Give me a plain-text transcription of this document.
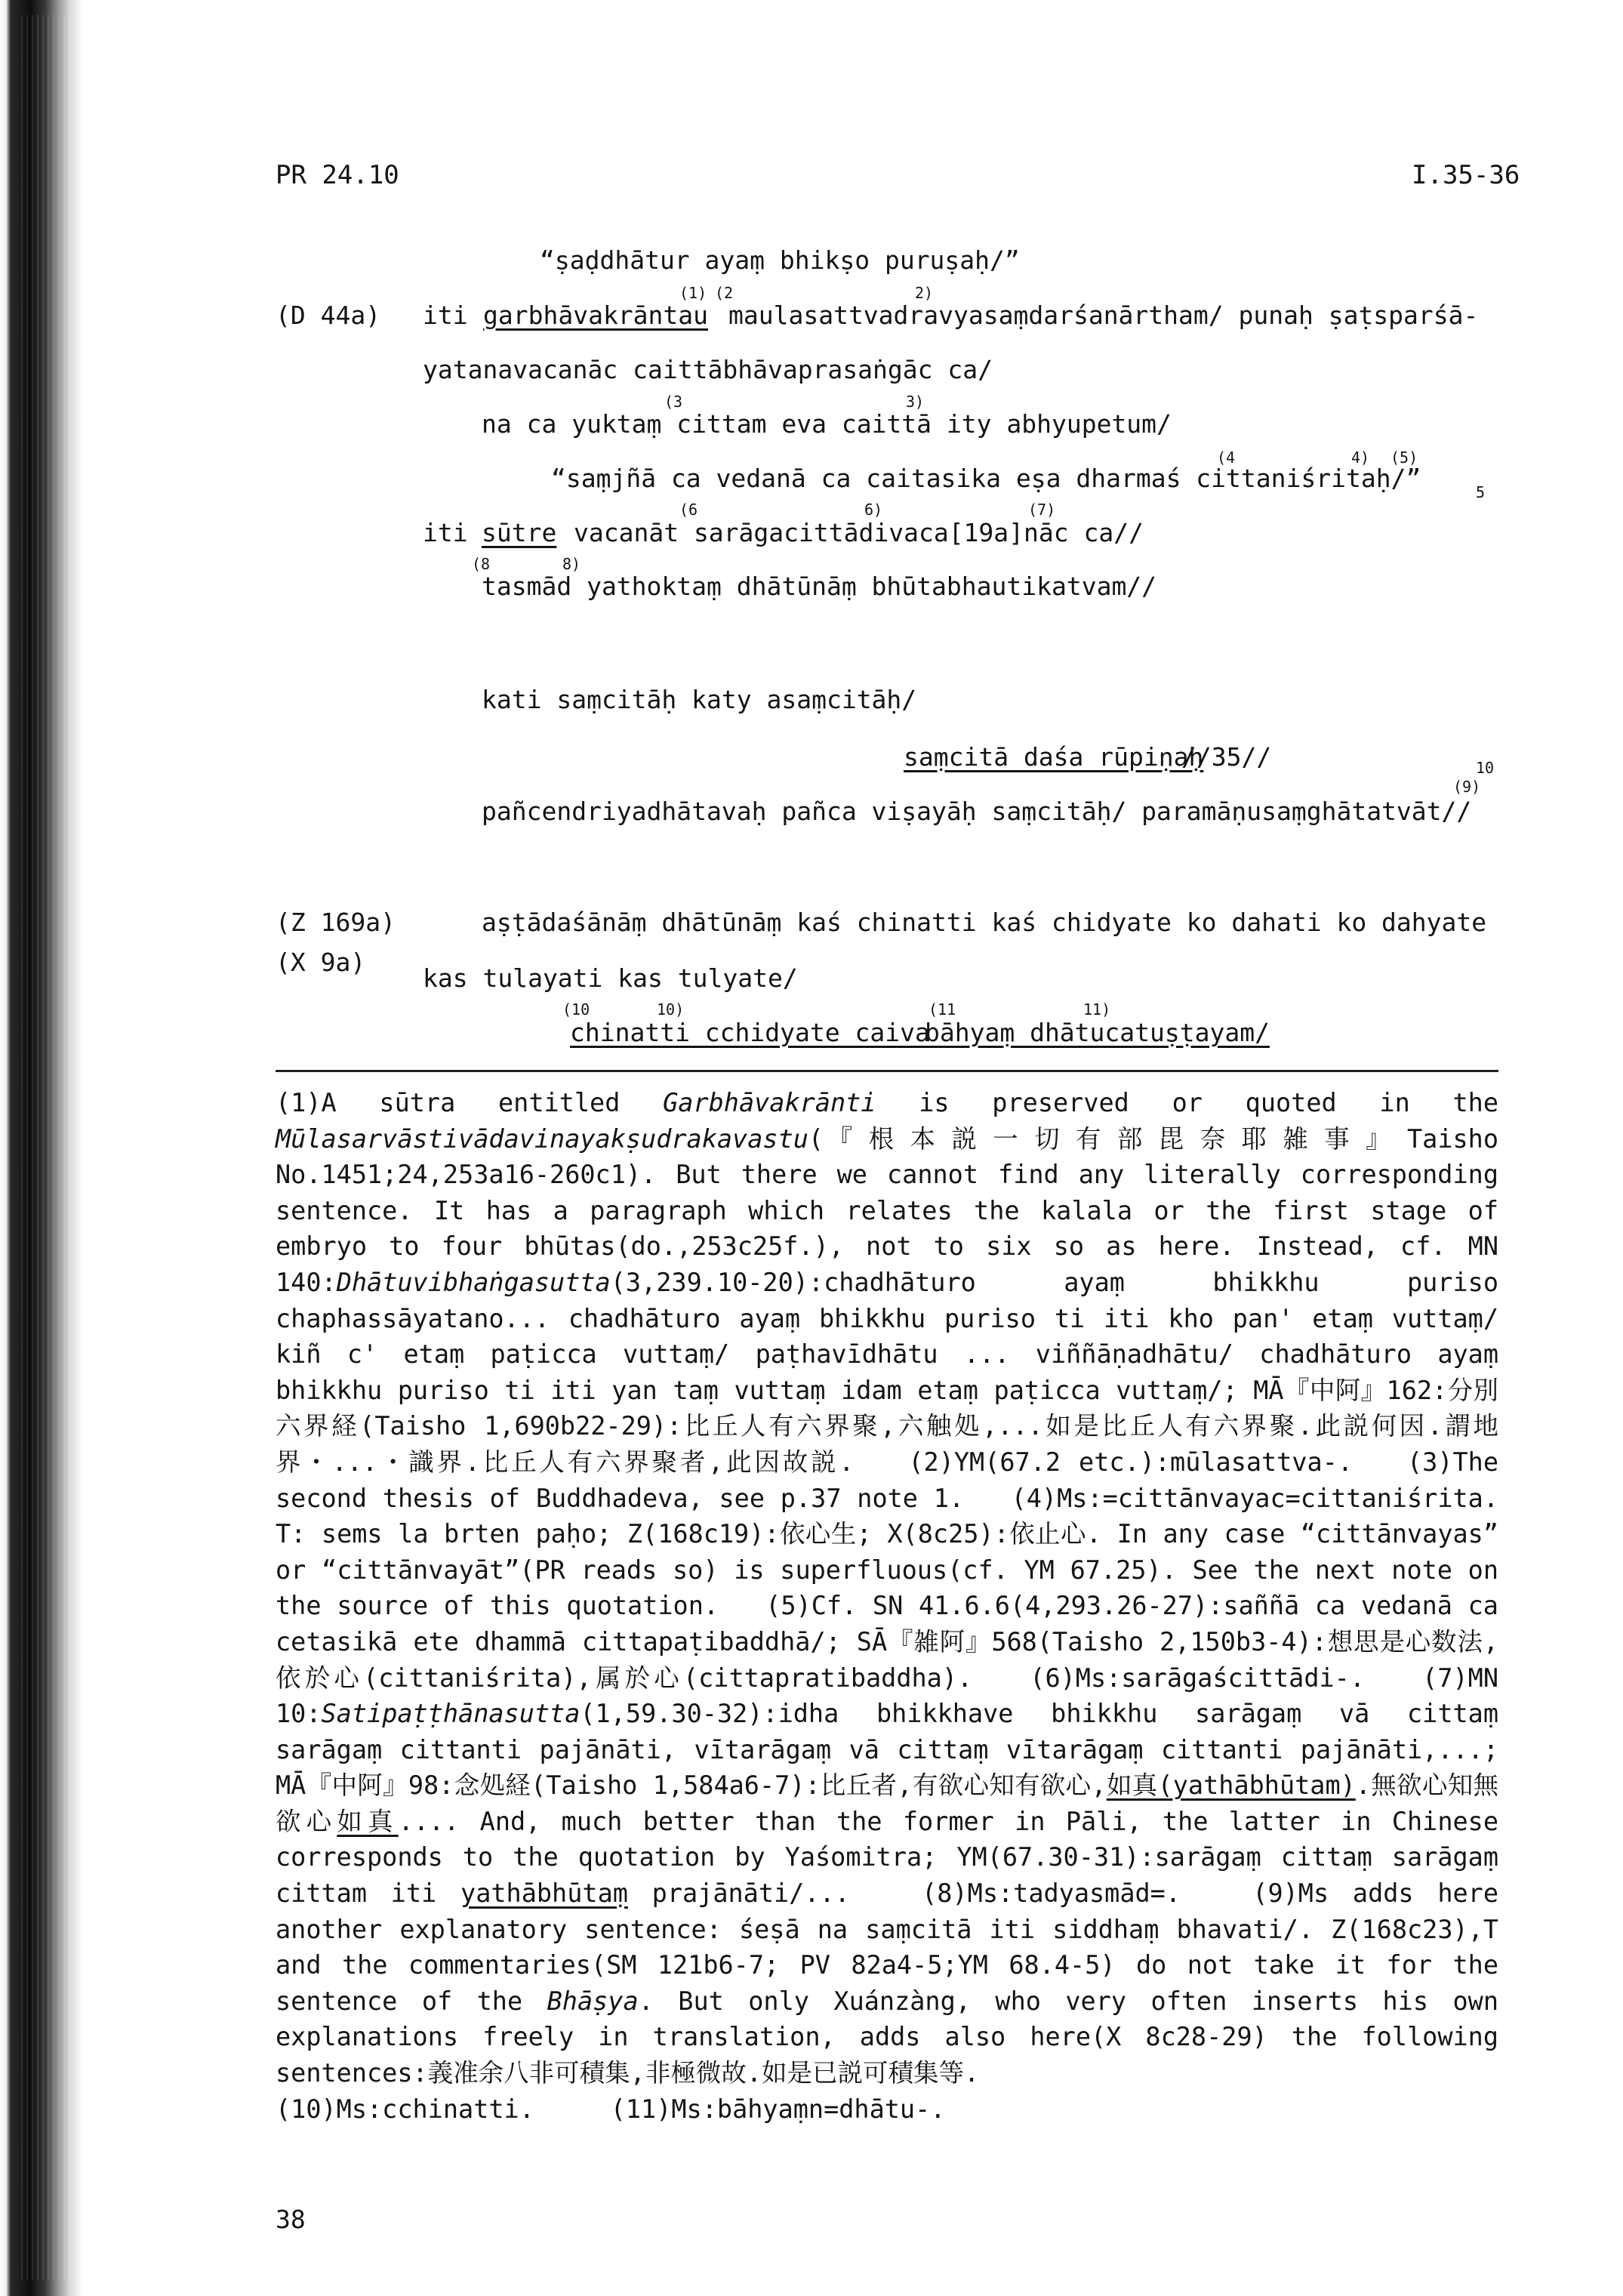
PR 24.10	I.35-36
“ṣaḍdhātur ayaṃ bhikṣo puruṣaḥ/”
(1) (2	2)
(D 44a) iti garbhāvakrāntau maulasattvadravyasaṃdarśanārtham/ punaḥ ṣaṭsparśā-
yatanavacanāc caittābhāvaprasaṅgāc ca/
(3	3)
na ca yuktaṃ cittam eva caittā ity abhyupetum/
(4	4) (5)
“saṃjñā ca vedanā ca caitasika eṣa dharmaś cittaniśritaḥ/”	5
(6	6)	(7)
iti sūtre vacanāt sarāgacittādivaca[19a]nāc ca//
(8	8)
tasmād yathoktaṃ dhātūnāṃ bhūtabhautikatvam//
kati saṃcitāḥ katy asaṃcitāḥ/
saṃcitā daśa rūpiṇaḥ
//35//	10
(9)
pañcendriyadhātavaḥ pañca viṣayāḥ saṃcitāḥ/ paramāṇusaṃghātatvāt//
(Z 169a)	aṣṭādaśānāṃ dhātūnāṃ kaś chinatti kaś chidyate ko dahati ko dahyate
(X 9a)
kas tulayati kas tulyate/
(10	10)	(11	11)
chinatti cchidyate caiva
bāhyaṃ dhātucatuṣṭayam/
(1)A sūtra entitled Garbhāvakrānti is preserved or quoted in the Mūlasarvāstivādavinayakṣudrakavastu(『根本説一切有部毘奈耶雑事』Taisho No.1451;24,253a16-260c1). But there we cannot find any literally corresponding sentence. It has a paragraph which relates the kalala or the first stage of embryo to four bhūtas(do.,253c25f.), not to six so as here. Instead, cf. MN 140:Dhātuvibhaṅgasutta(3,239.10-20):chadhāturo ayaṃ bhikkhu puriso chaphassāyatano... chadhāturo ayaṃ bhikkhu puriso ti iti kho pan' etaṃ vuttaṃ/ kiñ c' etaṃ paṭicca vuttaṃ/ paṭhavīdhātu ... viññāṇadhātu/ chadhāturo ayaṃ bhikkhu puriso ti iti yan taṃ vuttaṃ idam etaṃ paṭicca vuttaṃ/; MĀ『中阿』162:分別六界経(Taisho 1,690b22-29):比丘人有六界聚,六触処,...如是比丘人有六界聚.此説何因.謂地界・...・識界.比丘人有六界聚者,此因故説. (2)YM(67.2 etc.):mūlasattva-. (3)The second thesis of Buddhadeva, see p.37 note 1. (4)Ms:=cittānvayac=cittaniśrita. T: sems la brten paḥo; Z(168c19):依心生; X(8c25):依止心. In any case “cittānvayas” or “cittānvayāt”(PR reads so) is superfluous(cf. YM 67.25). See the next note on the source of this quotation. (5)Cf. SN 41.6.6(4,293.26-27):saññā ca vedanā ca cetasikā ete dhammā cittapaṭibaddhā/; SĀ『雑阿』568(Taisho 2,150b3-4):想思是心数法,依於心(cittaniśrita),属於心(cittapratibaddha). (6)Ms:sarāgaścittādi-. (7)MN 10:Satipaṭṭhānasutta(1,59.30-32):idha bhikkhave bhikkhu sarāgaṃ vā cittaṃ sarāgaṃ cittanti pajānāti, vītarāgaṃ vā cittaṃ vītarāgaṃ cittanti pajānāti,...; MĀ『中阿』98:念処経(Taisho 1,584a6-7):比丘者,有欲心知有欲心,如真(yathābhūtam).無欲心知無欲心如真.... And, much better than the former in Pāli, the latter in Chinese corresponds to the quotation by Yaśomitra; YM(67.30-31):sarāgaṃ cittaṃ sarāgaṃ cittam iti yathābhūtaṃ prajānāti/...	(8)Ms:tadyasmād=.	(9)Ms adds here another explanatory sentence: śeṣā na saṃcitā iti siddhaṃ bhavati/. Z(168c23),T and the commentaries(SM 121b6-7; PV 82a4-5;YM 68.4-5) do not take it for the sentence of the Bhāṣya. But only Xuánzàng, who very often inserts his own explanations freely in translation, adds also here(X 8c28-29) the following sentences:義准余八非可積集,非極微故.如是已説可積集等.
(10)Ms:cchinatti.	(11)Ms:bāhyaṃn=dhātu-.
38
